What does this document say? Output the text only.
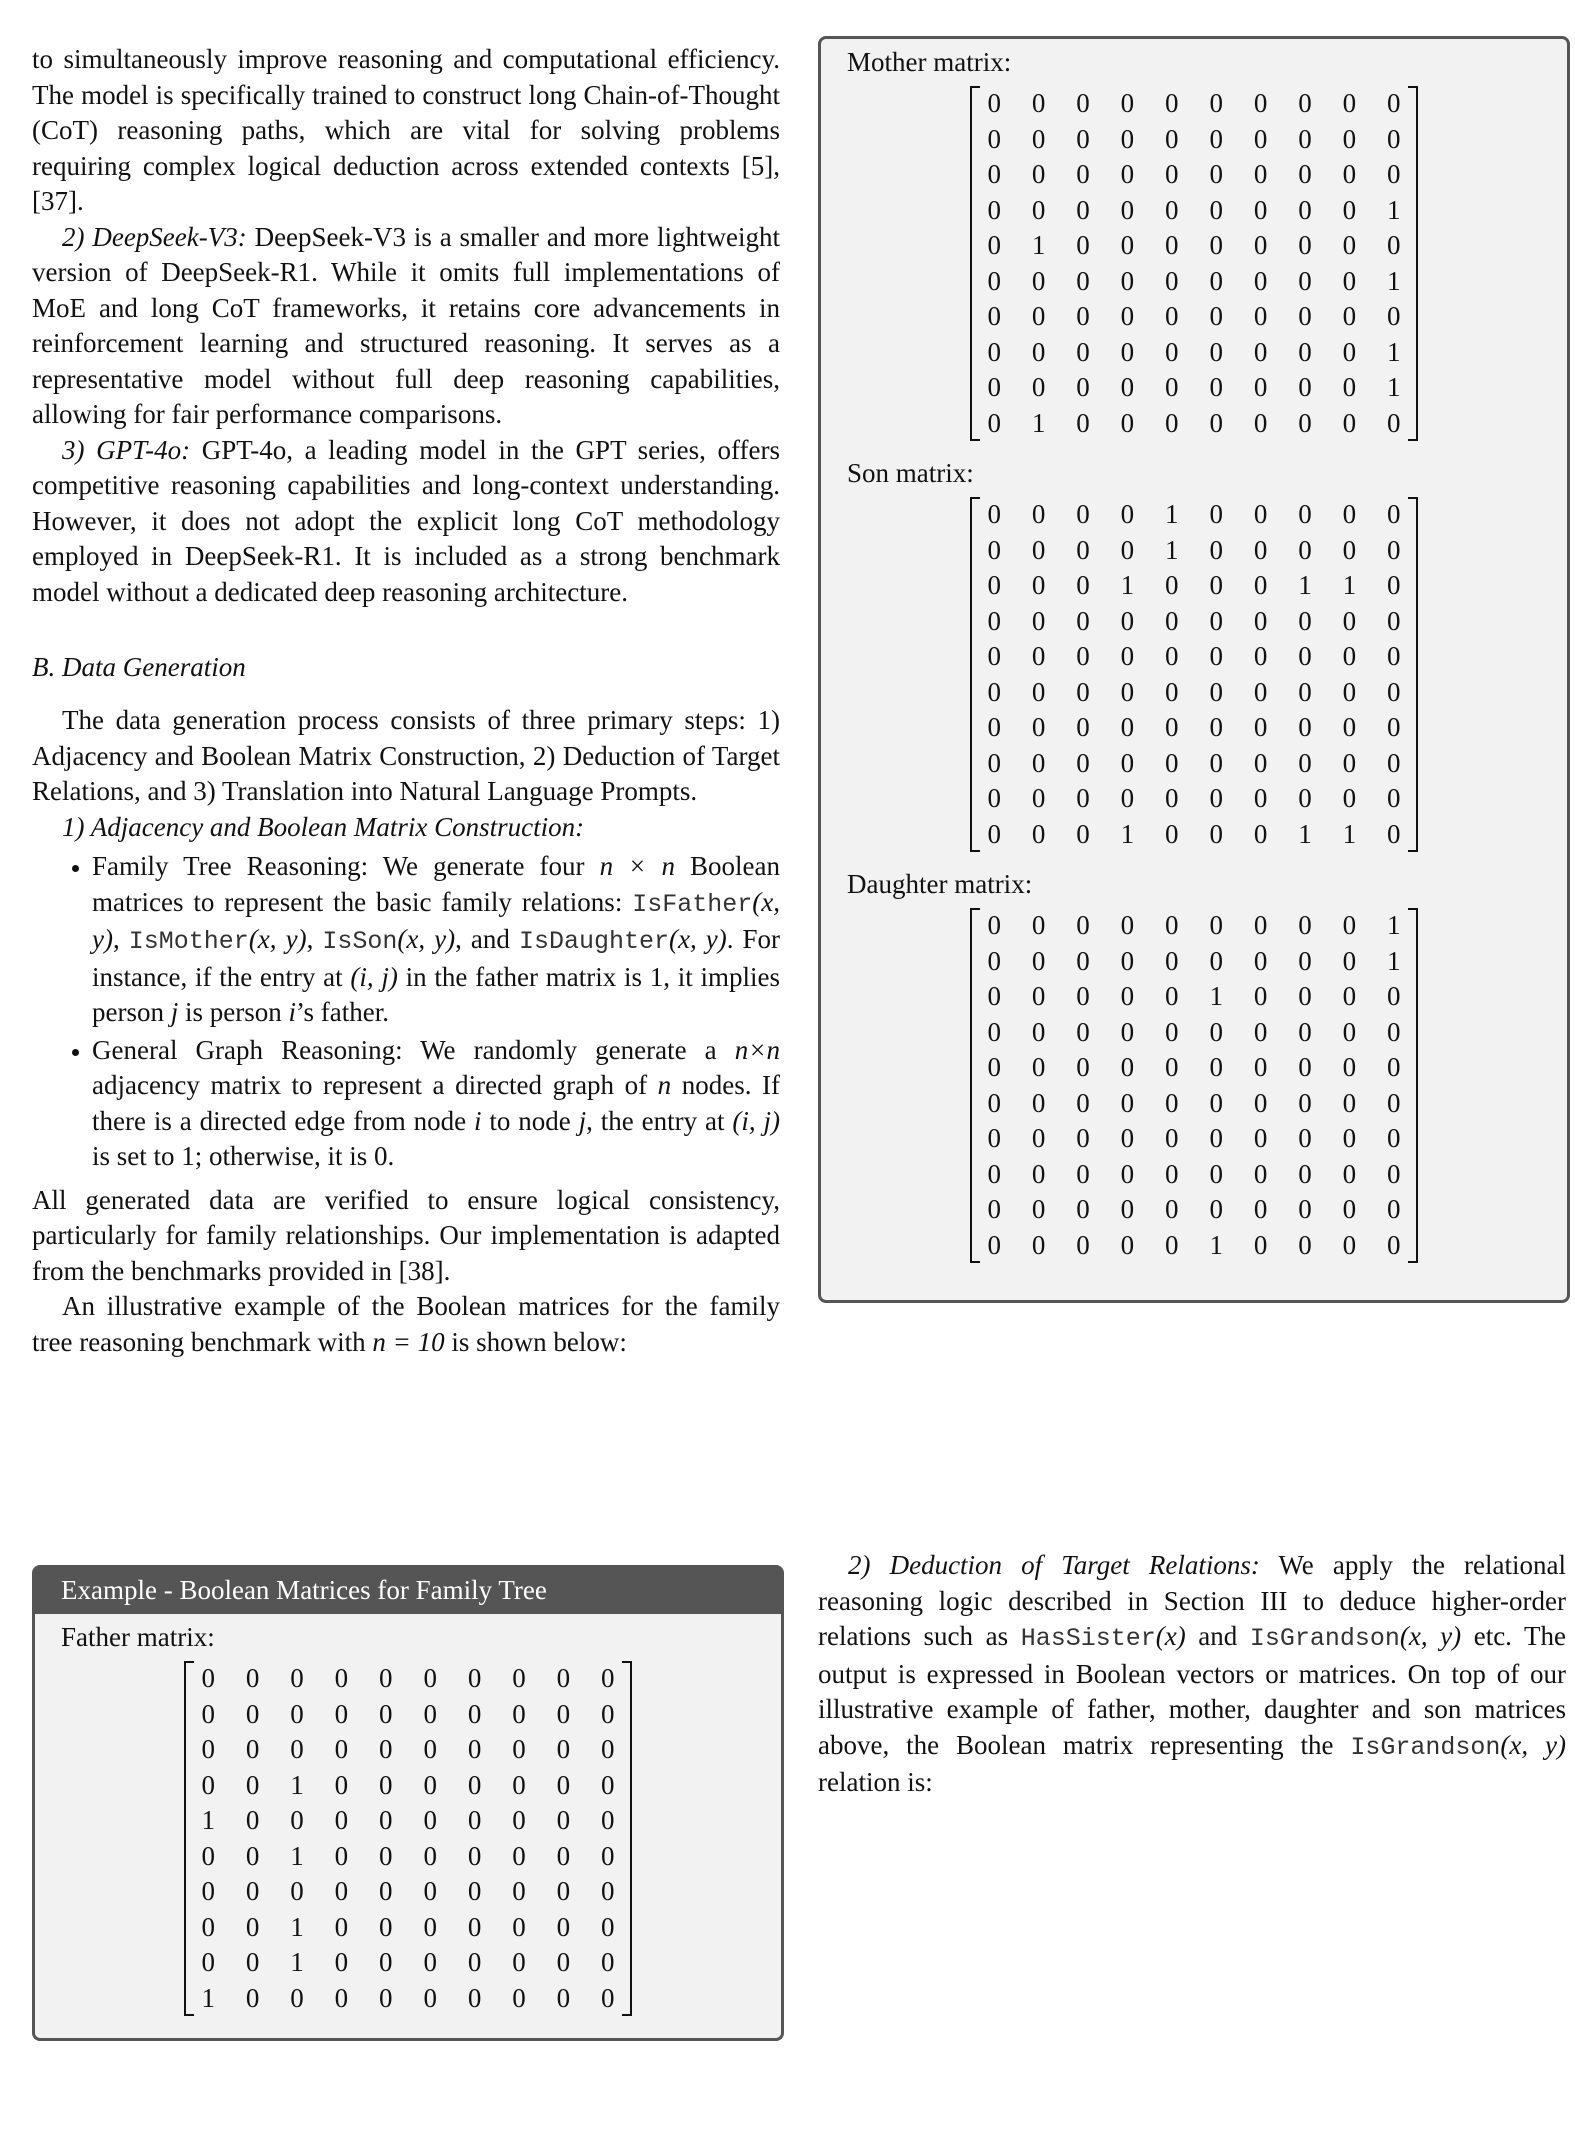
to simultaneously improve reasoning and computational efficiency. The model is specifically trained to construct long Chain-of-Thought (CoT) reasoning paths, which are vital for solving problems requiring complex logical deduction across extended contexts [5], [37].

2) DeepSeek-V3: DeepSeek-V3 is a smaller and more lightweight version of DeepSeek-R1. While it omits full implementations of MoE and long CoT frameworks, it retains core advancements in reinforcement learning and structured reasoning. It serves as a representative model without full deep reasoning capabilities, allowing for fair performance comparisons.

3) GPT-4o: GPT-4o, a leading model in the GPT series, offers competitive reasoning capabilities and long-context understanding. However, it does not adopt the explicit long CoT methodology employed in DeepSeek-R1. It is included as a strong benchmark model without a dedicated deep reasoning architecture.

B. Data Generation

The data generation process consists of three primary steps: 1) Adjacency and Boolean Matrix Construction, 2) Deduction of Target Relations, and 3) Translation into Natural Language Prompts.

1) Adjacency and Boolean Matrix Construction:

• Family Tree Reasoning: We generate four n × n Boolean matrices to represent the basic family relations: IsFather(x, y), IsMother(x, y), IsSon(x, y), and IsDaughter(x, y). For instance, if the entry at (i, j) in the father matrix is 1, it implies person j is person i’s father.
• General Graph Reasoning: We randomly generate a n×n adjacency matrix to represent a directed graph of n nodes. If there is a directed edge from node i to node j, the entry at (i, j) is set to 1; otherwise, it is 0.

All generated data are verified to ensure logical consistency, particularly for family relationships. Our implementation is adapted from the benchmarks provided in [38].

An illustrative example of the Boolean matrices for the family tree reasoning benchmark with n = 10 is shown below:

Example - Boolean Matrices for Family Tree
Father matrix:
0	0	0	0	0	0	0	0	0	0
0	0	0	0	0	0	0	0	0	0
0	0	0	0	0	0	0	0	0	0
0	0	1	0	0	0	0	0	0	0
1	0	0	0	0	0	0	0	0	0
0	0	1	0	0	0	0	0	0	0
0	0	0	0	0	0	0	0	0	0
0	0	1	0	0	0	0	0	0	0
0	0	1	0	0	0	0	0	0	0
1	0	0	0	0	0	0	0	0	0
Mother matrix:
0	0	0	0	0	0	0	0	0	0
0	0	0	0	0	0	0	0	0	0
0	0	0	0	0	0	0	0	0	0
0	0	0	0	0	0	0	0	0	1
0	1	0	0	0	0	0	0	0	0
0	0	0	0	0	0	0	0	0	1
0	0	0	0	0	0	0	0	0	0
0	0	0	0	0	0	0	0	0	1
0	0	0	0	0	0	0	0	0	1
0	1	0	0	0	0	0	0	0	0
Son matrix:
0	0	0	0	1	0	0	0	0	0
0	0	0	0	1	0	0	0	0	0
0	0	0	1	0	0	0	1	1	0
0	0	0	0	0	0	0	0	0	0
0	0	0	0	0	0	0	0	0	0
0	0	0	0	0	0	0	0	0	0
0	0	0	0	0	0	0	0	0	0
0	0	0	0	0	0	0	0	0	0
0	0	0	0	0	0	0	0	0	0
0	0	0	1	0	0	0	1	1	0
Daughter matrix:
0	0	0	0	0	0	0	0	0	1
0	0	0	0	0	0	0	0	0	1
0	0	0	0	0	1	0	0	0	0
0	0	0	0	0	0	0	0	0	0
0	0	0	0	0	0	0	0	0	0
0	0	0	0	0	0	0	0	0	0
0	0	0	0	0	0	0	0	0	0
0	0	0	0	0	0	0	0	0	0
0	0	0	0	0	0	0	0	0	0
0	0	0	0	0	1	0	0	0	0

2) Deduction of Target Relations: We apply the relational reasoning logic described in Section III to deduce higher-order relations such as HasSister(x) and IsGrandson(x, y) etc. The output is expressed in Boolean vectors or matrices. On top of our illustrative example of father, mother, daughter and son matrices above, the Boolean matrix representing the IsGrandson(x, y) relation is:
